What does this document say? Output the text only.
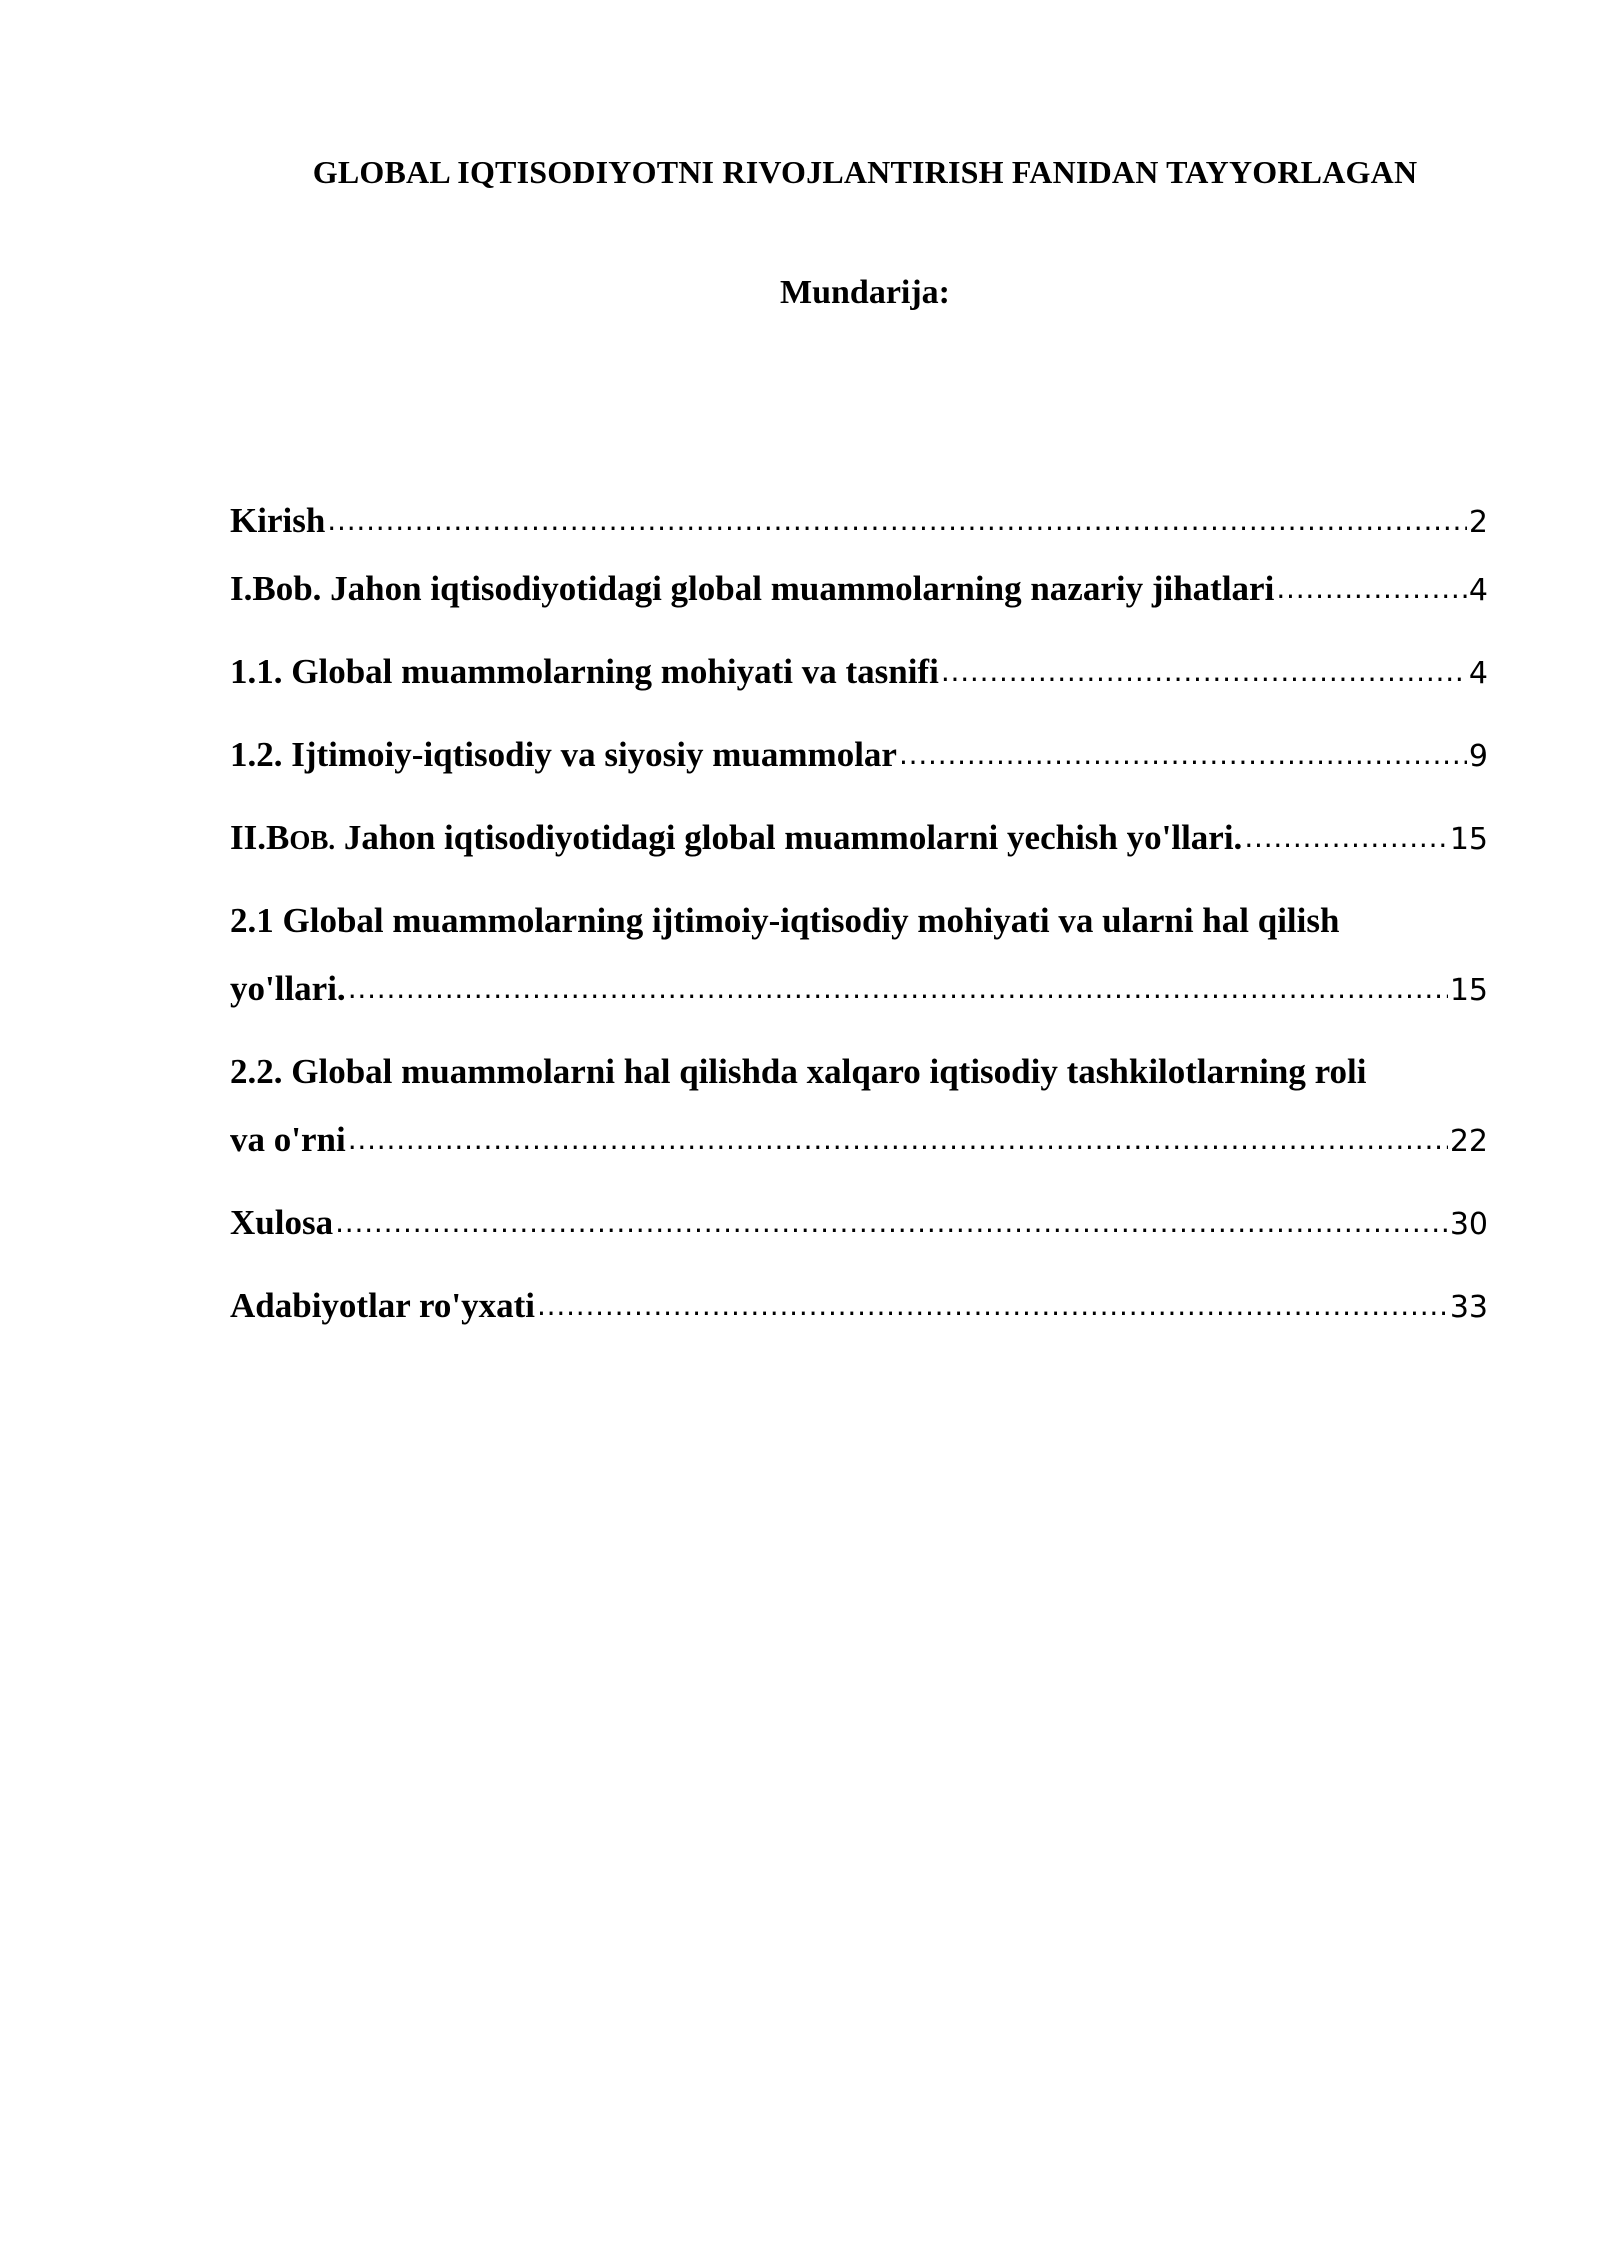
GLOBAL IQTISODIYOTNI RIVOJLANTIRISH FANIDAN TAYYORLAGAN
Mundarija:
Kirish .....	2
I.Bob. Jahon iqtisodiyotidagi global muammolarning nazariy jihatlari .....	4
1.1. Global muammolarning mohiyati va tasnifi .....	4
1.2. Ijtimoiy-iqtisodiy va siyosiy muammolar .....	9
II.BOB. Jahon iqtisodiyotidagi global muammolarni yechish yo'llari. .....	15
2.1 Global muammolarning ijtimoiy-iqtisodiy mohiyati va ularni hal qilish
yo'llari. .....	15
2.2. Global muammolarni hal qilishda xalqaro iqtisodiy tashkilotlarning roli
va o'rni .....	22
Xulosa .....	30
Adabiyotlar ro'yxati .....	33
